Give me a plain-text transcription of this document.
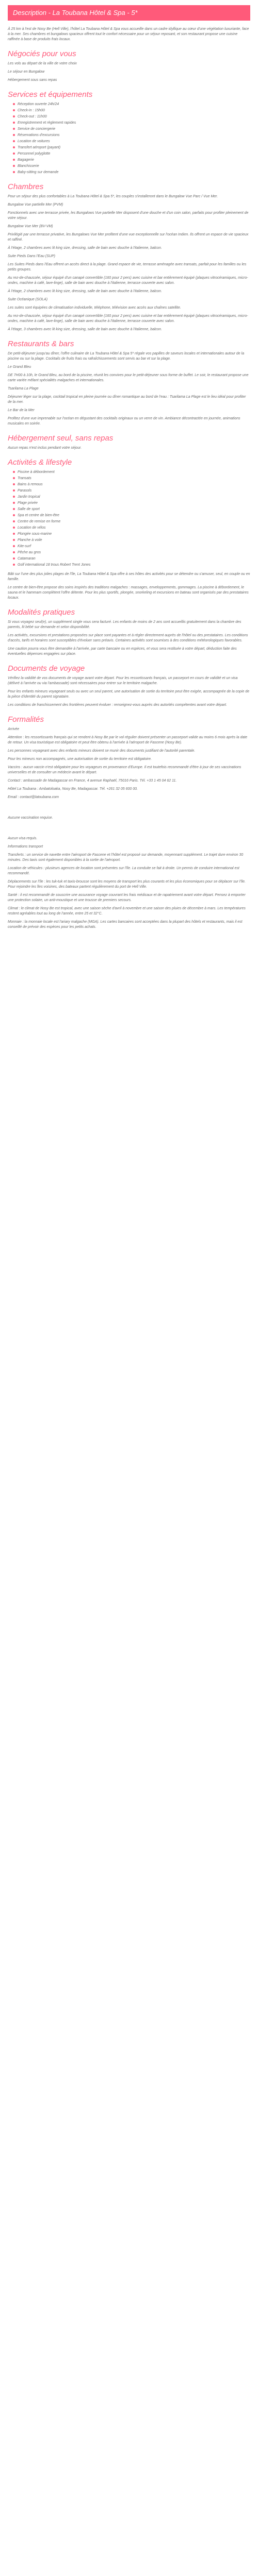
Description - La Toubana Hôtel & Spa - 5*

À 25 km à l'est de Nosy Be (Hell Ville), l'hôtel La Toubana Hôtel & Spa vous accueille dans un cadre idyllique au cœur d'une végétation luxuriante, face à la mer. Ses chambres et bungalows spacieux offrent tout le confort nécessaire pour un séjour reposant, et son restaurant propose une cuisine raffinée à base de produits frais locaux.

Négociés pour vous

Les vols au départ de la ville de votre choix

Le séjour en Bungalow

Hébergement sous sans repas

Services et équipements
Réception ouverte 24h/24
Check-in : 15h00
Check-out : 11h00
Enregistrement et règlement rapides
Service de conciergerie
Réservations d'excursions
Location de voitures
Transfert aéroport (payant)
Personnel polyglotte
Bagagerie
Blanchisserie
Baby-sitting sur demande
Chambres

Pour un séjour des plus confortables à La Toubana Hôtel & Spa 5*, les couples s'installeront dans le Bungalow Vue Parc / Vue Mer.

Bungalow Vue partielle Mer (PVM)

Fonctionnels avec une terrasse privée, les Bungalows Vue partielle Mer disposent d'une douche et d'un coin salon, parfaits pour profiter pleinement de votre séjour.

Bungalow Vue Mer (BV-VM)

Privilégié par une terrasse privative, les Bungalows Vue Mer profitent d'une vue exceptionnelle sur l'océan Indien. Ils offrent un espace de vie spacieux et raffiné.

À l'étage, 2 chambres avec lit king size, dressing, salle de bain avec douche à l'italienne, balcon.

Suite Pieds Dans l'Eau (SUP)

Les Suites Pieds dans l'Eau offrent un accès direct à la plage. Grand espace de vie, terrasse aménagée avec transats, parfait pour les familles ou les petits groupes.

Au rez-de-chaussée, séjour équipé d'un canapé convertible (160 pour 2 pers) avec cuisine et bar entièrement équipé (plaques vitrocéramiques, micro-ondes, machine à café, lave-linge), salle de bain avec douche à l'italienne, terrasse couverte avec salon.

À l'étage, 2 chambres avec lit king size, dressing, salle de bain avec douche à l'italienne, balcon.

Suite Océanique (SOLA)

Les suites sont équipées de climatisation individuelle, téléphone, télévision avec accès aux chaînes satellite.

Au rez-de-chaussée, séjour équipé d'un canapé convertible (160 pour 2 pers) avec cuisine et bar entièrement équipé (plaques vitrocéramiques, micro-ondes, machine à café, lave-linge), salle de bain avec douche à l'italienne, terrasse couverte avec salon.

À l'étage, 3 chambres avec lit king size, dressing, salle de bain avec douche à l'italienne, balcon.

Restaurants & bars

De petit-déjeuner jusqu'au dîner, l'offre culinaire de La Toubana Hôtel & Spa 5* régale vos papilles de saveurs locales et internationales autour de la piscine ou sur la plage. Cocktails de fruits frais ou rafraîchissements sont servis au bar et sur la plage.

Le Grand Bleu

DE 7H00 à 10h, le Grand Bleu, au bord de la piscine, réunit les convives pour le petit-déjeuner sous forme de buffet. Le soir, le restaurant propose une carte variée mêlant spécialités malgaches et internationales.

Tsarilama La Plage

Déjeuner léger sur la plage, cocktail tropical en pleine journée ou dîner romantique au bord de l'eau : Tsarilama La Plage est le lieu idéal pour profiter de la mer.

Le Bar de la Mer

Profitez d'une vue imprenable sur l'océan en dégustant des cocktails originaux ou un verre de vin. Ambiance décontractée en journée, animations musicales en soirée.

Hébergement seul, sans repas

Aucun repas n'est inclus pendant votre séjour.

Activités & lifestyle
Piscine à débordement
Transats
Bains à remous
Parasols
Jardin tropical
Plage privée
Salle de sport
Spa et centre de bien-être
Centre de remise en forme
Location de vélos
Plongée sous-marine
Planche à voile
Kite-surf
Pêche au gros
Catamaran
Golf international 18 trous Robert Trent Jones

Bâti sur l'une des plus jolies plages de l'île, La Toubana Hôtel & Spa offre à ses hôtes des activités pour se détendre ou s'amuser, seul, en couple ou en famille.

Le centre de bien-être propose des soins inspirés des traditions malgaches : massages, enveloppements, gommages. La piscine à débordement, le sauna et le hammam complètent l'offre détente. Pour les plus sportifs, plongée, snorkeling et excursions en bateau sont organisés par des prestataires locaux.

Modalités pratiques

Si vous voyagez seul(e), un supplément single vous sera facturé. Les enfants de moins de 2 ans sont accueillis gratuitement dans la chambre des parents, lit bébé sur demande et selon disponibilité.

Les activités, excursions et prestations proposées sur place sont payantes et à régler directement auprès de l'hôtel ou des prestataires. Les conditions d'accès, tarifs et horaires sont susceptibles d'évoluer sans préavis. Certaines activités sont soumises à des conditions météorologiques favorables.

Une caution pourra vous être demandée à l'arrivée, par carte bancaire ou en espèces, et vous sera restituée à votre départ, déduction faite des éventuelles dépenses engagées sur place.

Documents de voyage

Vérifiez la validité de vos documents de voyage avant votre départ. Pour les ressortissants français, un passeport en cours de validité et un visa (délivré à l'arrivée ou via l'ambassade) sont nécessaires pour entrer sur le territoire malgache.

Pour les enfants mineurs voyageant seuls ou avec un seul parent, une autorisation de sortie du territoire peut être exigée, accompagnée de la copie de la pièce d'identité du parent signataire.

Les conditions de franchissement des frontières peuvent évoluer : renseignez-vous auprès des autorités compétentes avant votre départ.

Formalités

Arrivée

Attention : les ressortissants français qui se rendent à Nosy Be par le vol régulier doivent présenter un passeport valide au moins 6 mois après la date de retour. Un visa touristique est obligatoire et peut être obtenu à l'arrivée à l'aéroport de Fascene (Nosy Be).

Les personnes voyageant avec des enfants mineurs doivent se munir des documents justifiant de l'autorité parentale.

Pour les mineurs non accompagnés, une autorisation de sortie du territoire est obligatoire.

Vaccins : aucun vaccin n'est obligatoire pour les voyageurs en provenance d'Europe. Il est toutefois recommandé d'être à jour de ses vaccinations universelles et de consulter un médecin avant le départ.

Contact : ambassade de Madagascar en France, 4 avenue Raphaël, 75016 Paris. Tél. +33 1 45 04 62 11.

Hôtel La Toubana : Ambatoloaka, Nosy Be, Madagascar. Tél. +261 32 05 600 00.

Email : contact@latoubana.com

Aucune vaccination requise.

Aucun visa requis.

Informations transport

Transferts : un service de navette entre l'aéroport de Fascene et l'hôtel est proposé sur demande, moyennant supplément. Le trajet dure environ 30 minutes. Des taxis sont également disponibles à la sortie de l'aéroport.

Location de véhicules : plusieurs agences de location sont présentes sur l'île. La conduite se fait à droite. Un permis de conduire international est recommandé.

Déplacements sur l'île : les tuk-tuk et taxis-brousse sont les moyens de transport les plus courants et les plus économiques pour se déplacer sur l'île. Pour rejoindre les îles voisines, des bateaux partent régulièrement du port de Hell Ville.

Santé : il est recommandé de souscrire une assurance voyage couvrant les frais médicaux et de rapatriement avant votre départ. Pensez à emporter une protection solaire, un anti-moustique et une trousse de premiers secours.

Climat : le climat de Nosy Be est tropical, avec une saison sèche d'avril à novembre et une saison des pluies de décembre à mars. Les températures restent agréables tout au long de l'année, entre 25 et 32°C.

Monnaie : la monnaie locale est l'ariary malgache (MGA). Les cartes bancaires sont acceptées dans la plupart des hôtels et restaurants, mais il est conseillé de prévoir des espèces pour les petits achats.
